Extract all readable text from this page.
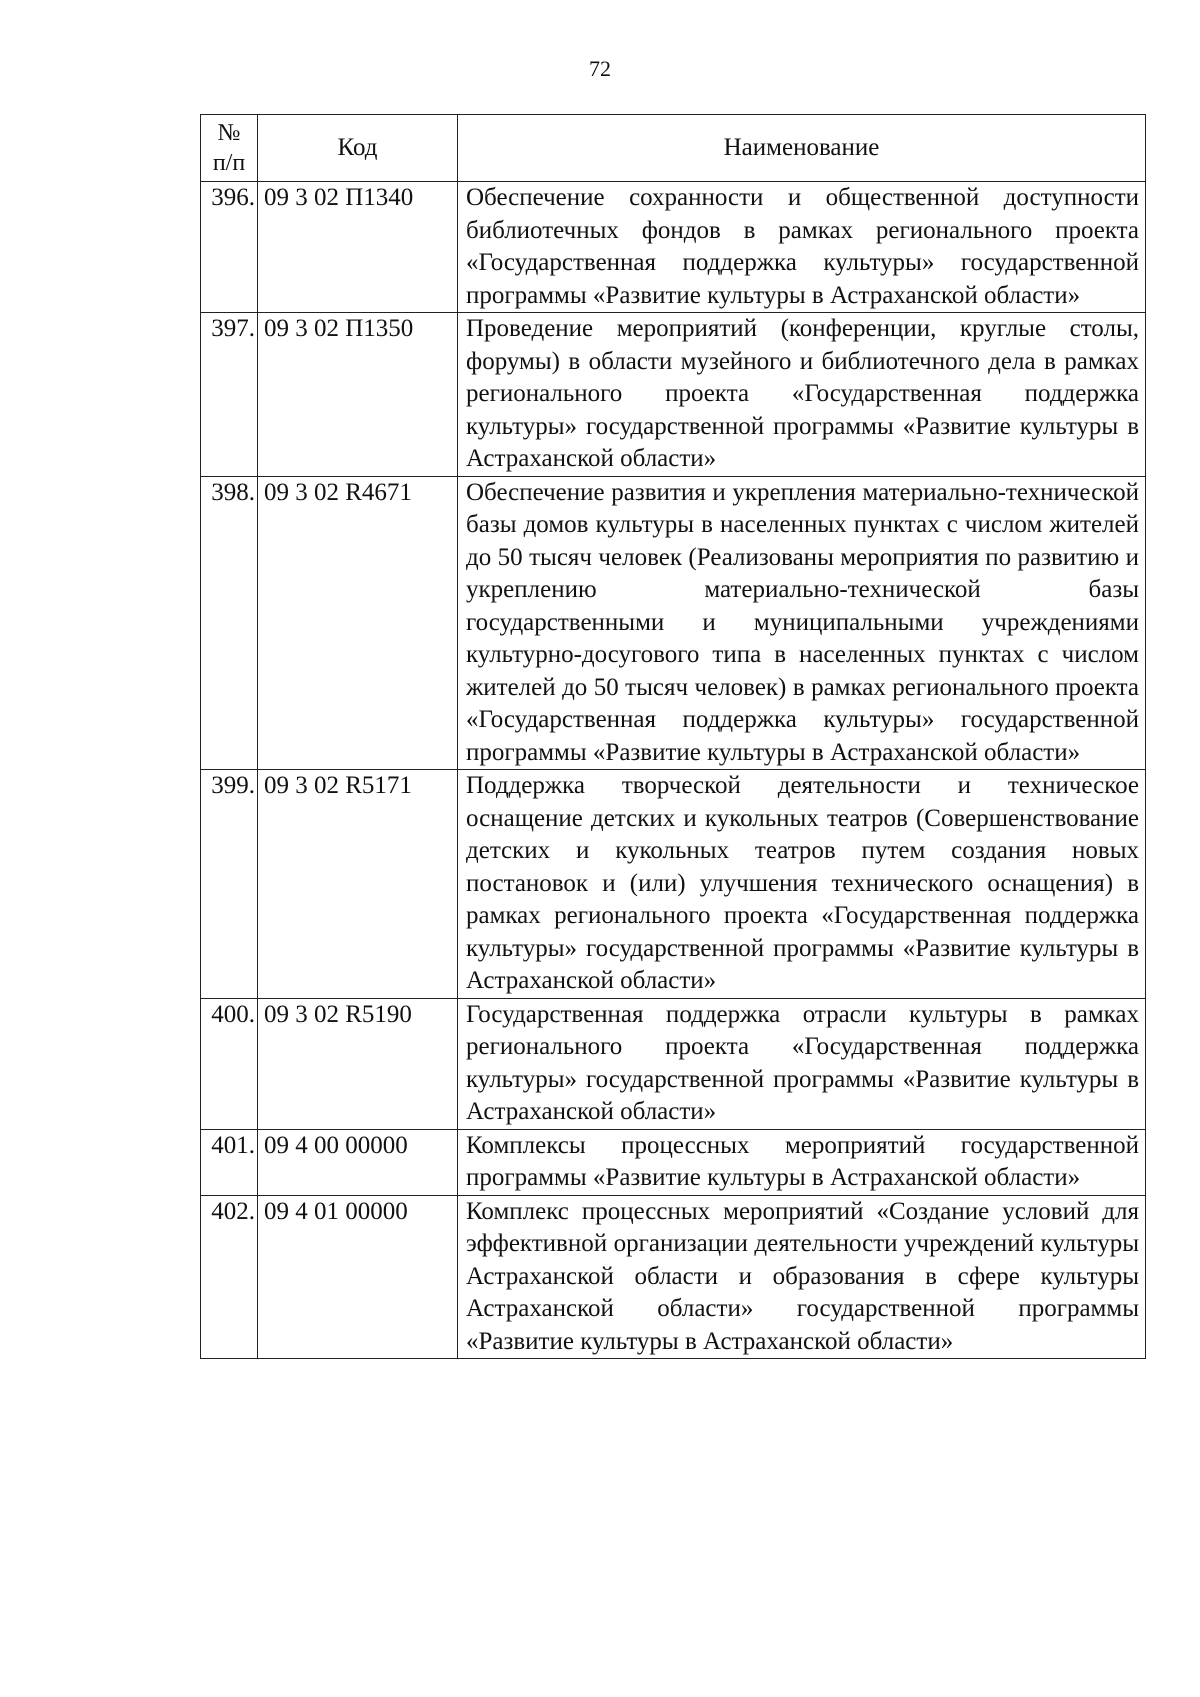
72
№
п/п	Код	Наименование
396.	09 3 02 П1340	Обеспечение сохранности и общественной доступности библиотечных фондов в рамках регионального проекта «Государственная поддержка культуры» государственной программы «Развитие культуры в Астраханской области»
397.	09 3 02 П1350	Проведение мероприятий (конференции, круглые столы, форумы) в области музейного и библиотечного дела в рамках регионального проекта «Государственная поддержка культуры» государственной программы «Развитие культуры в Астраханской области»
398.	09 3 02 R4671	Обеспечение развития и укрепления материально-технической базы домов культуры в населенных пунктах с числом жителей до 50 тысяч человек (Реализованы мероприятия по развитию и укреплению материально-технической базы государственными и муниципальными учреждениями культурно-досугового типа в населенных пунктах с числом жителей до 50 тысяч человек) в рамках регионального проекта «Государственная поддержка культуры» государственной программы «Развитие культуры в Астраханской области»
399.	09 3 02 R5171	Поддержка творческой деятельности и техническое оснащение детских и кукольных театров (Совершенствование детских и кукольных театров путем создания новых постановок и (или) улучшения технического оснащения) в рамках регионального проекта «Государственная поддержка культуры» государственной программы «Развитие культуры в Астраханской области»
400.	09 3 02 R5190	Государственная поддержка отрасли культуры в рамках регионального проекта «Государственная поддержка культуры» государственной программы «Развитие культуры в Астраханской области»
401.	09 4 00 00000	Комплексы процессных мероприятий государственной программы «Развитие культуры в Астраханской области»
402.	09 4 01 00000	Комплекс процессных мероприятий «Создание условий для эффективной организации деятельности учреждений культуры Астраханской области и образования в сфере культуры Астраханской области» государственной программы «Развитие культуры в Астраханской области»
